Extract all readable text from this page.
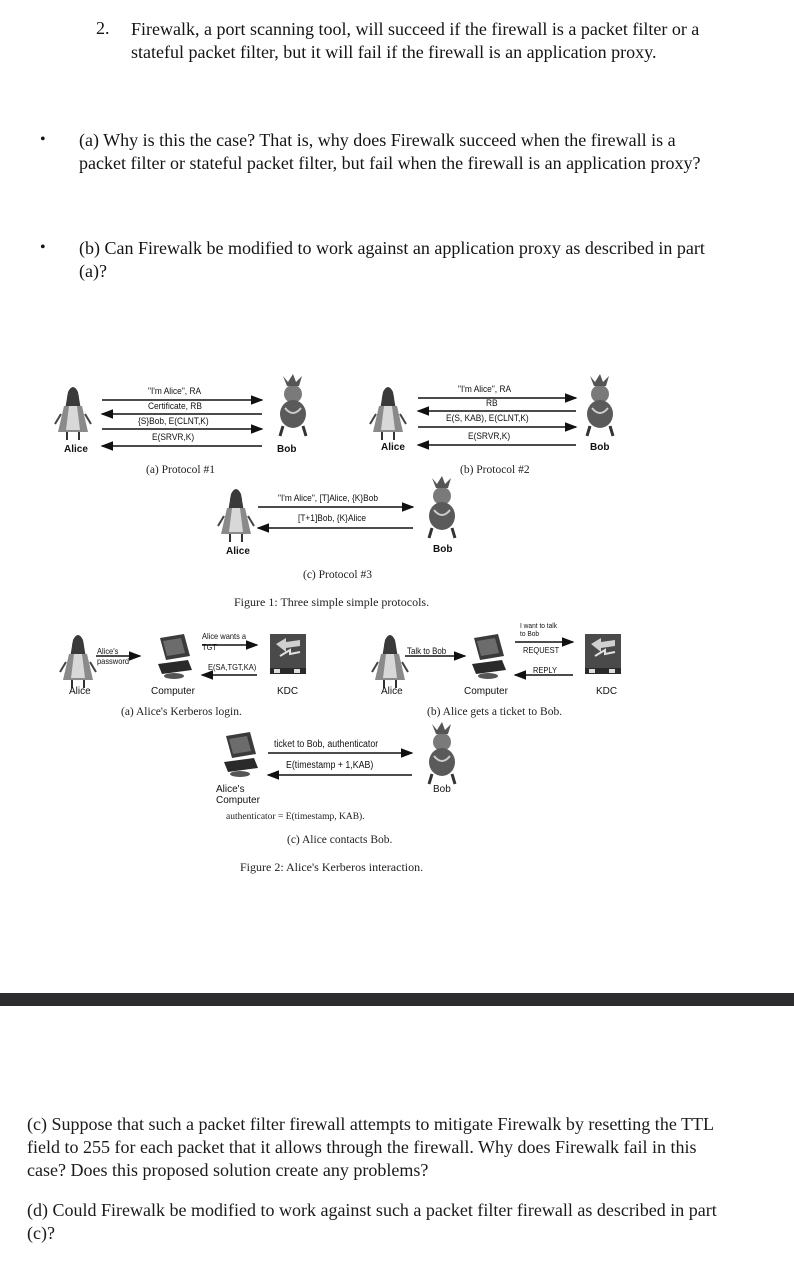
2. Firewalk, a port scanning tool, will succeed if the firewall is a packet filter or a stateful packet filter, but it will fail if the firewall is an application proxy.
• (a) Why is this the case? That is, why does Firewalk succeed when the firewall is a packet filter or stateful packet filter, but fail when the firewall is an application proxy?
• (b) Can Firewalk be modified to work against an application proxy as described in part (a)?
"I'm Alice", RA
Certificate, RB
{S}Bob, E(CLNT,K)
E(SRVR,K)
Alice	Bob
(a) Protocol #1
"I'm Alice", RA
RB
E(S, KAB), E(CLNT,K)
E(SRVR,K)
Alice	Bob
(b) Protocol #2
"I'm Alice", [T]Alice, {K}Bob
[T+1]Bob, {K}Alice
Alice	Bob
(c) Protocol #3
Figure 1: Three simple simple protocols.
Alice's password
Alice wants a TGT
E(SA,TGT,KA)
Alice	Computer	KDC
(a) Alice's Kerberos login.
Talk to Bob
I want to talk to Bob
REQUEST
REPLY
Alice	Computer	KDC
(b) Alice gets a ticket to Bob.
ticket to Bob, authenticator
E(timestamp + 1,KAB)
Alice's Computer
Bob
authenticator = E(timestamp, KAB).
(c) Alice contacts Bob.
Figure 2: Alice's Kerberos interaction.
(c) Suppose that such a packet filter firewall attempts to mitigate Firewalk by resetting the TTL field to 255 for each packet that it allows through the firewall. Why does Firewalk fail in this case? Does this proposed solution create any problems?
(d) Could Firewalk be modified to work against such a packet filter firewall as described in part (c)?
